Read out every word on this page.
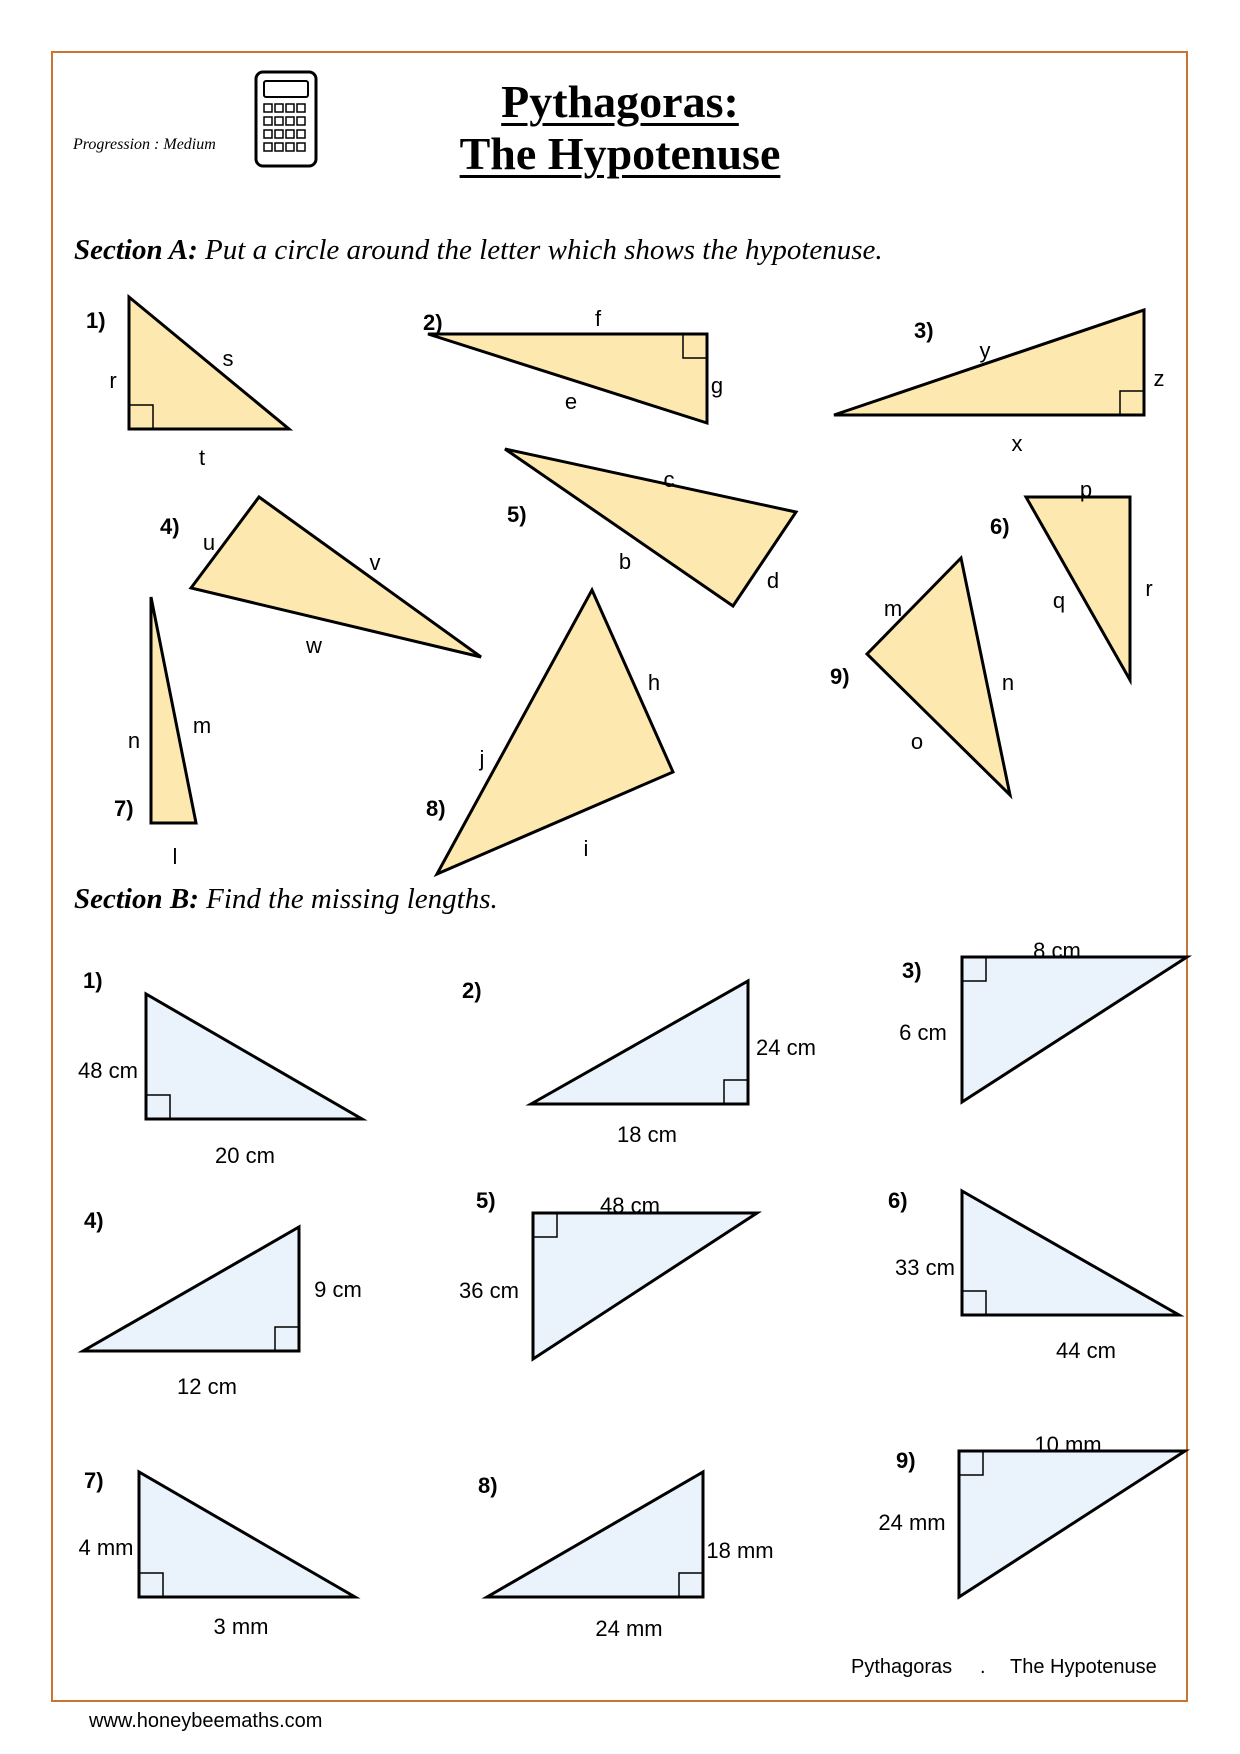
Progression : Medium
1)
r
s
t
2)	f
e
g
3)
y
z
x
4)
u
v
w
5)
c
b
d
6)
p
q	r
7)
n
m
l
8)
h
j
i
9)
m
n
o
1)
48 cm
20 cm
2)
24 cm
18 cm
3)
8 cm
6 cm
4)
9 cm
12 cm
5)	48 cm
36 cm
6)
33 cm
44 cm
7)
4 mm
3 mm
8)
18 mm
24 mm
9)
10 mm
24 mm
Pythagoras:
The Hypotenuse
Section A: Put a circle around the letter which shows the hypotenuse.
Section B: Find the missing lengths.
Pythagoras . The Hypotenuse
www.honeybeemaths.com
